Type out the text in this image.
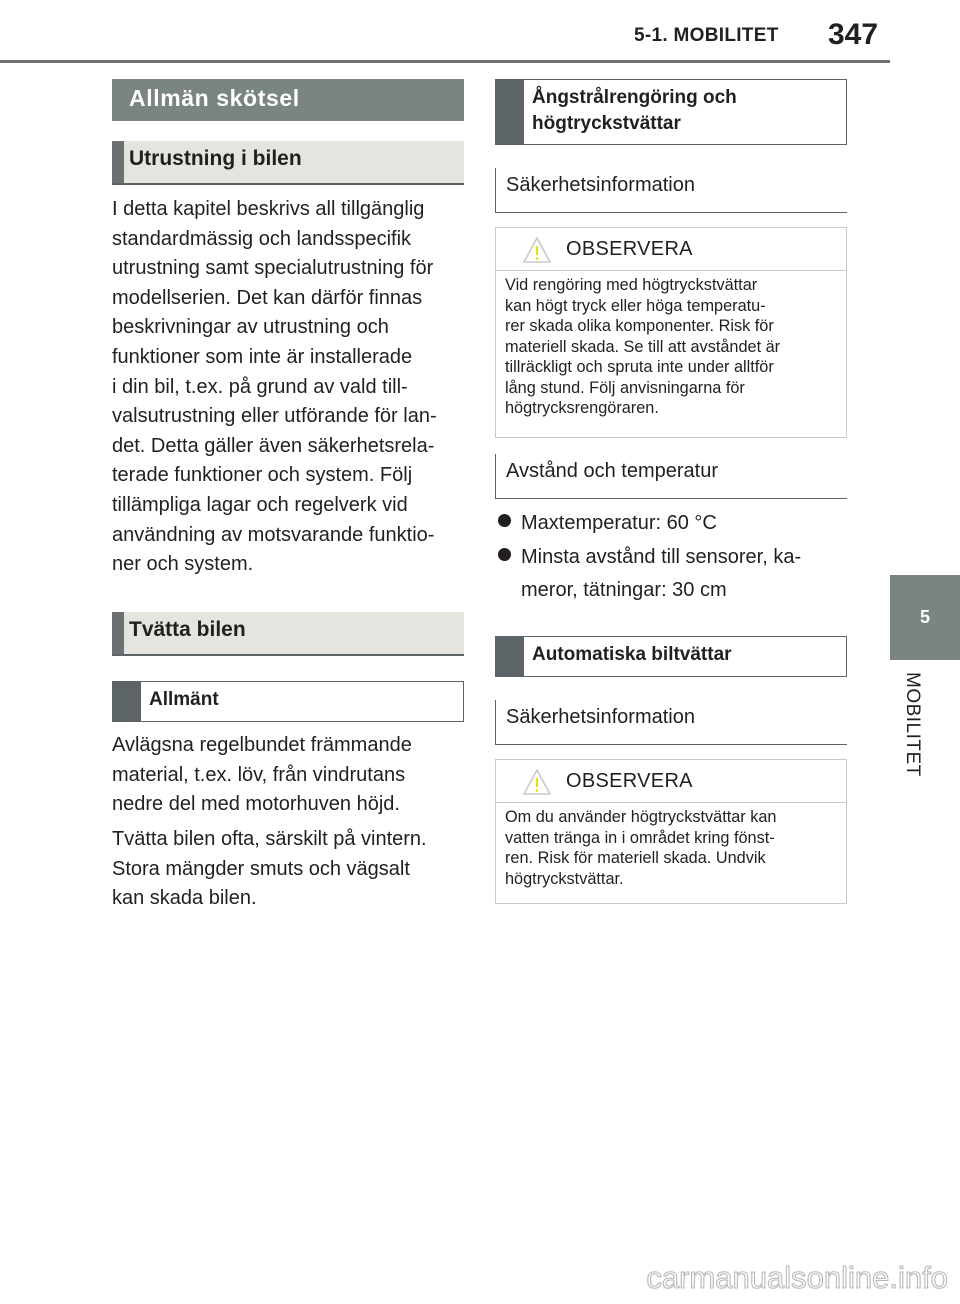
5-1. MOBILITET 347
5
MOBILITET
Allmän skötsel
Utrustning i bilen

I detta kapitel beskrivs all tillgänglig

standardmässig och landsspecifik

utrustning samt specialutrustning för

modellserien. Det kan därför finnas

beskrivningar av utrustning och

funktioner som inte är installerade

i din bil, t.ex. på grund av vald till-

valsutrustning eller utförande för lan-

det. Detta gäller även säkerhetsrela-

terade funktioner och system. Följ

tillämpliga lagar och regelverk vid

användning av motsvarande funktio-

ner och system.

Tvätta bilen
Allmänt

Avlägsna regelbundet främmande

material, t.ex. löv, från vindrutans

nedre del med motorhuven höjd.

Tvätta bilen ofta, särskilt på vintern.

Stora mängder smuts och vägsalt

kan skada bilen.

Ångstrålrengöring och
högtryckstvättar
Säkerhetsinformation
OBSERVERA
Vid rengöring med högtryckstvättar
kan högt tryck eller höga temperatu-
rer skada olika komponenter. Risk för
materiell skada. Se till att avståndet är
tillräckligt och spruta inte under alltför
lång stund. Följ anvisningarna för
högtrycksrengöraren.
Avstånd och temperatur
Maxtemperatur: 60 °C
Minsta avstånd till sensorer, ka-
meror, tätningar: 30 cm
Automatiska biltvättar
Säkerhetsinformation
OBSERVERA
Om du använder högtryckstvättar kan
vatten tränga in i området kring fönst-
ren. Risk för materiell skada. Undvik
högtryckstvättar.
carmanualsonline.info
